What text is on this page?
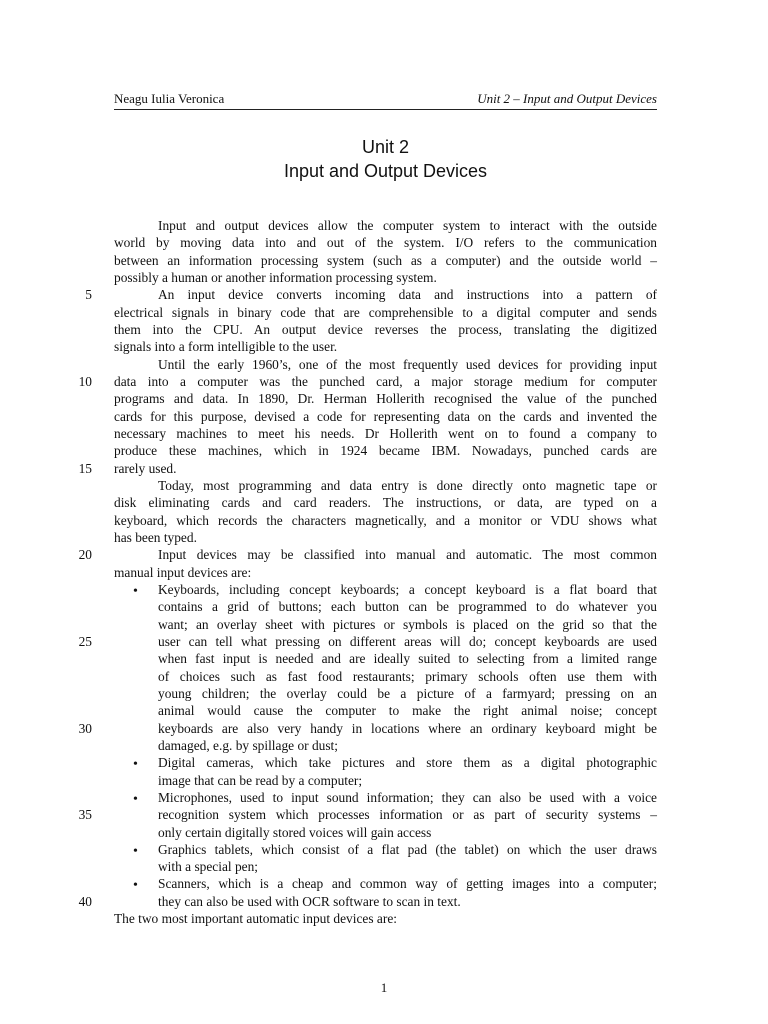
Neagu Iulia Veronica	Unit 2 – Input and Output Devices
Unit 2
Input and Output Devices
Input and output devices allow the computer system to interact with the outside
world by moving data into and out of the system. I/O refers to the communication
between an information processing system (such as a computer) and the outside world –
possibly a human or another information processing system.
An input device converts incoming data and instructions into a pattern of
electrical signals in binary code that are comprehensible to a digital computer and sends
them into the CPU. An output device reverses the process, translating the digitized
signals into a form intelligible to the user.
Until the early 1960’s, one of the most frequently used devices for providing input
data into a computer was the punched card, a major storage medium for computer
programs and data. In 1890, Dr. Herman Hollerith recognised the value of the punched
cards for this purpose, devised a code for representing data on the cards and invented the
necessary machines to meet his needs. Dr Hollerith went on to found a company to
produce these machines, which in 1924 became IBM. Nowadays, punched cards are
rarely used.
Today, most programming and data entry is done directly onto magnetic tape or
disk eliminating cards and card readers. The instructions, or data, are typed on a
keyboard, which records the characters magnetically, and a monitor or VDU shows what
has been typed.
Input devices may be classified into manual and automatic. The most common
manual input devices are:
•	Keyboards, including concept keyboards; a concept keyboard is a flat board that
contains a grid of buttons; each button can be programmed to do whatever you
want; an overlay sheet with pictures or symbols is placed on the grid so that the
user can tell what pressing on different areas will do; concept keyboards are used
when fast input is needed and are ideally suited to selecting from a limited range
of choices such as fast food restaurants; primary schools often use them with
young children; the overlay could be a picture of a farmyard; pressing on an
animal would cause the computer to make the right animal noise; concept
keyboards are also very handy in locations where an ordinary keyboard might be
damaged, e.g. by spillage or dust;
•	Digital cameras, which take pictures and store them as a digital photographic
image that can be read by a computer;
•	Microphones, used to input sound information; they can also be used with a voice
recognition system which processes information or as part of security systems –
only certain digitally stored voices will gain access
•	Graphics tablets, which consist of a flat pad (the tablet) on which the user draws
with a special pen;
•	Scanners, which is a cheap and common way of getting images into a computer;
they can also be used with OCR software to scan in text.
The two most important automatic input devices are:
5
10
15
20
25
30
35
40
1
